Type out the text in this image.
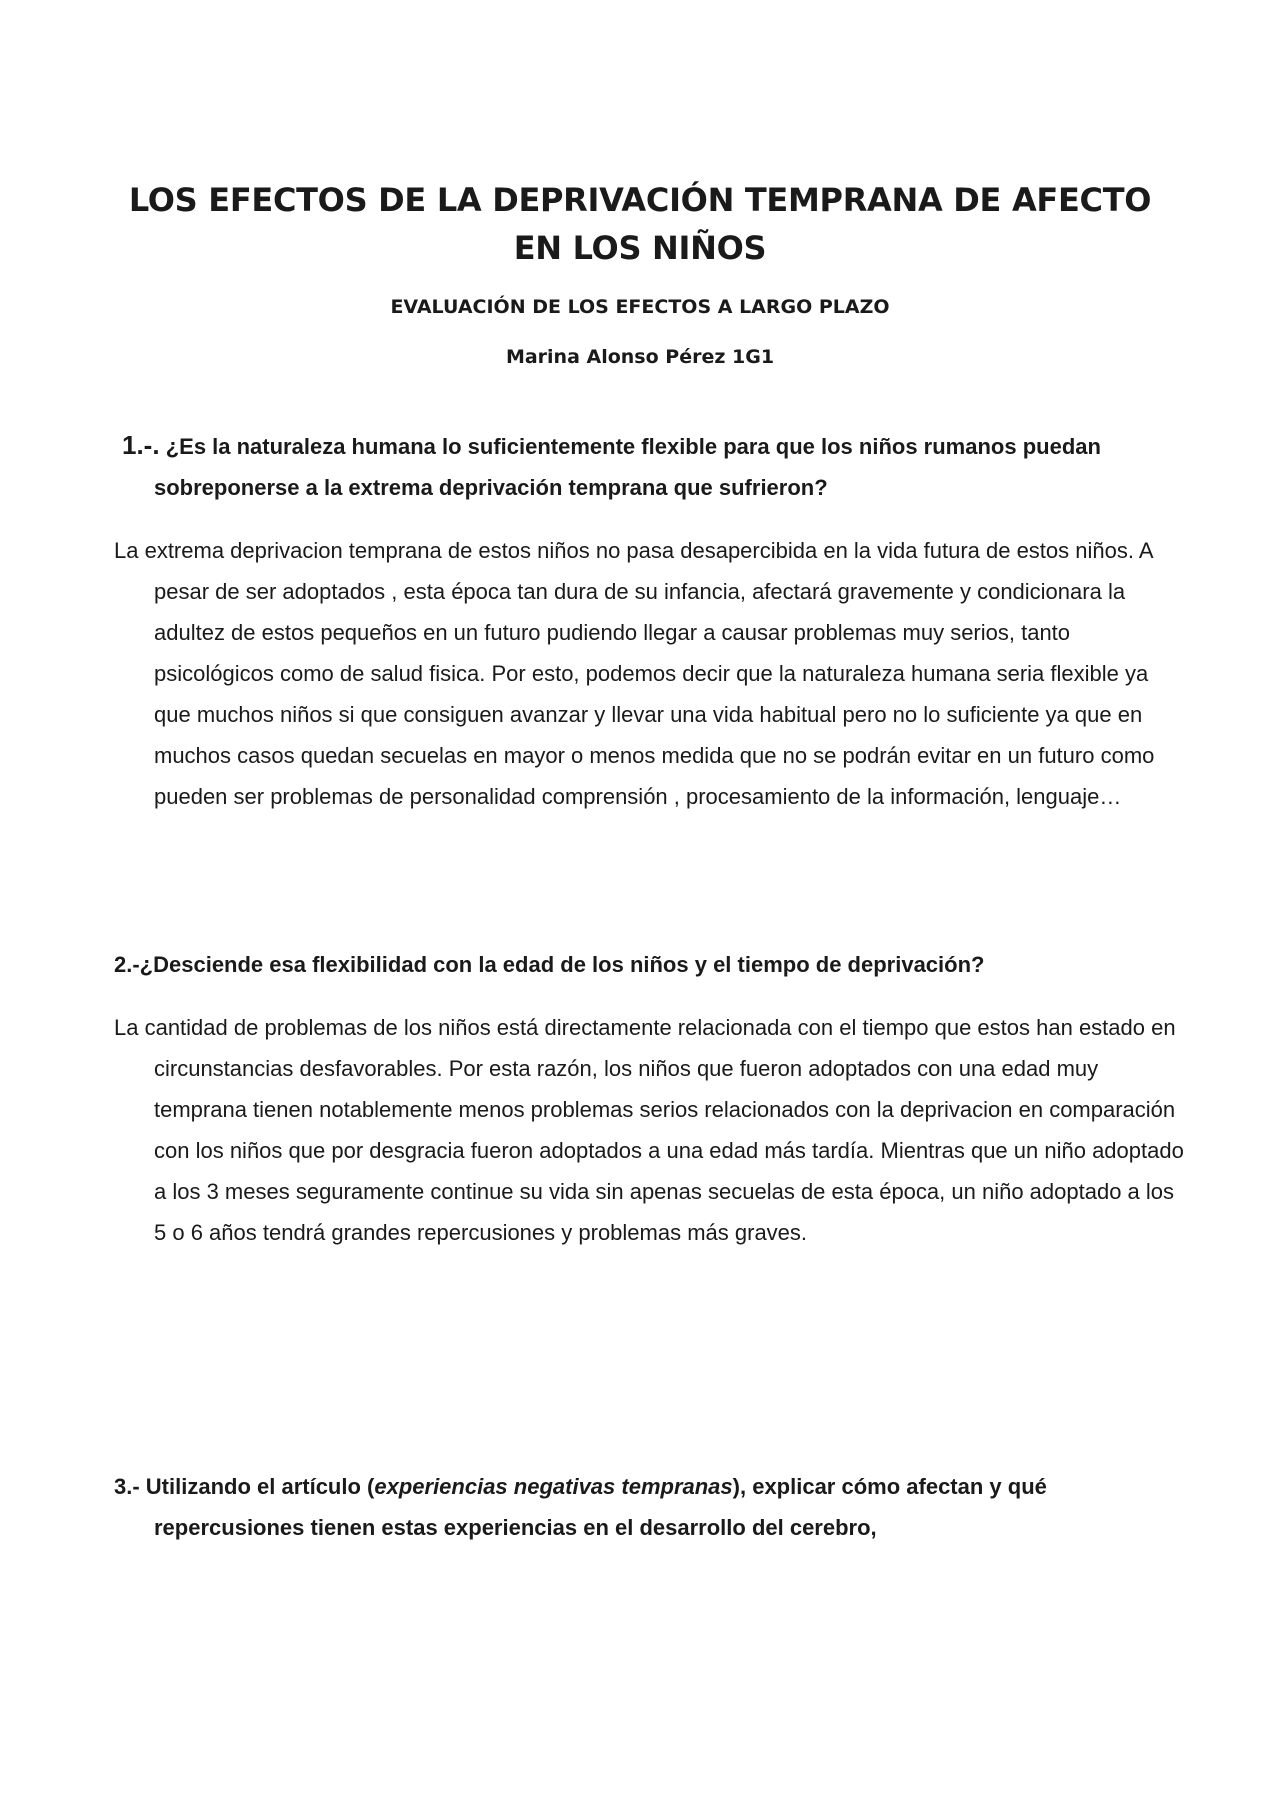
LOS EFECTOS DE LA DEPRIVACIÓN TEMPRANA DE AFECTO EN LOS NIÑOS

EVALUACIÓN DE LOS EFECTOS A LARGO PLAZO

Marina Alonso Pérez 1G1

1.-. ¿Es la naturaleza humana lo suficientemente flexible para que los niños rumanos puedan sobreponerse a la extrema deprivación temprana que sufrieron?

La extrema deprivacion temprana de estos niños no pasa desapercibida en la vida futura de estos niños. A pesar de ser adoptados , esta época tan dura de su infancia, afectará gravemente y condicionara la adultez de estos pequeños en un futuro pudiendo llegar a causar problemas muy serios, tanto psicológicos como de salud fisica. Por esto, podemos decir que la naturaleza humana seria flexible ya que muchos niños si que consiguen avanzar y llevar una vida habitual pero no lo suficiente ya que en muchos casos quedan secuelas en mayor o menos medida que no se podrán evitar en un futuro como pueden ser problemas de personalidad comprensión , procesamiento de la información, lenguaje…

2.-¿Desciende esa flexibilidad con la edad de los niños y el tiempo de deprivación?

La cantidad de problemas de los niños está directamente relacionada con el tiempo que estos han estado en circunstancias desfavorables. Por esta razón, los niños que fueron adoptados con una edad muy temprana tienen notablemente menos problemas serios relacionados con la deprivacion en comparación con los niños que por desgracia fueron adoptados a una edad más tardía. Mientras que un niño adoptado a los 3 meses seguramente continue su vida sin apenas secuelas de esta época, un niño adoptado a los 5 o 6 años tendrá grandes repercusiones y problemas más graves.

3.- Utilizando el artículo (experiencias negativas tempranas), explicar cómo afectan y qué repercusiones tienen estas experiencias en el desarrollo del cerebro,
